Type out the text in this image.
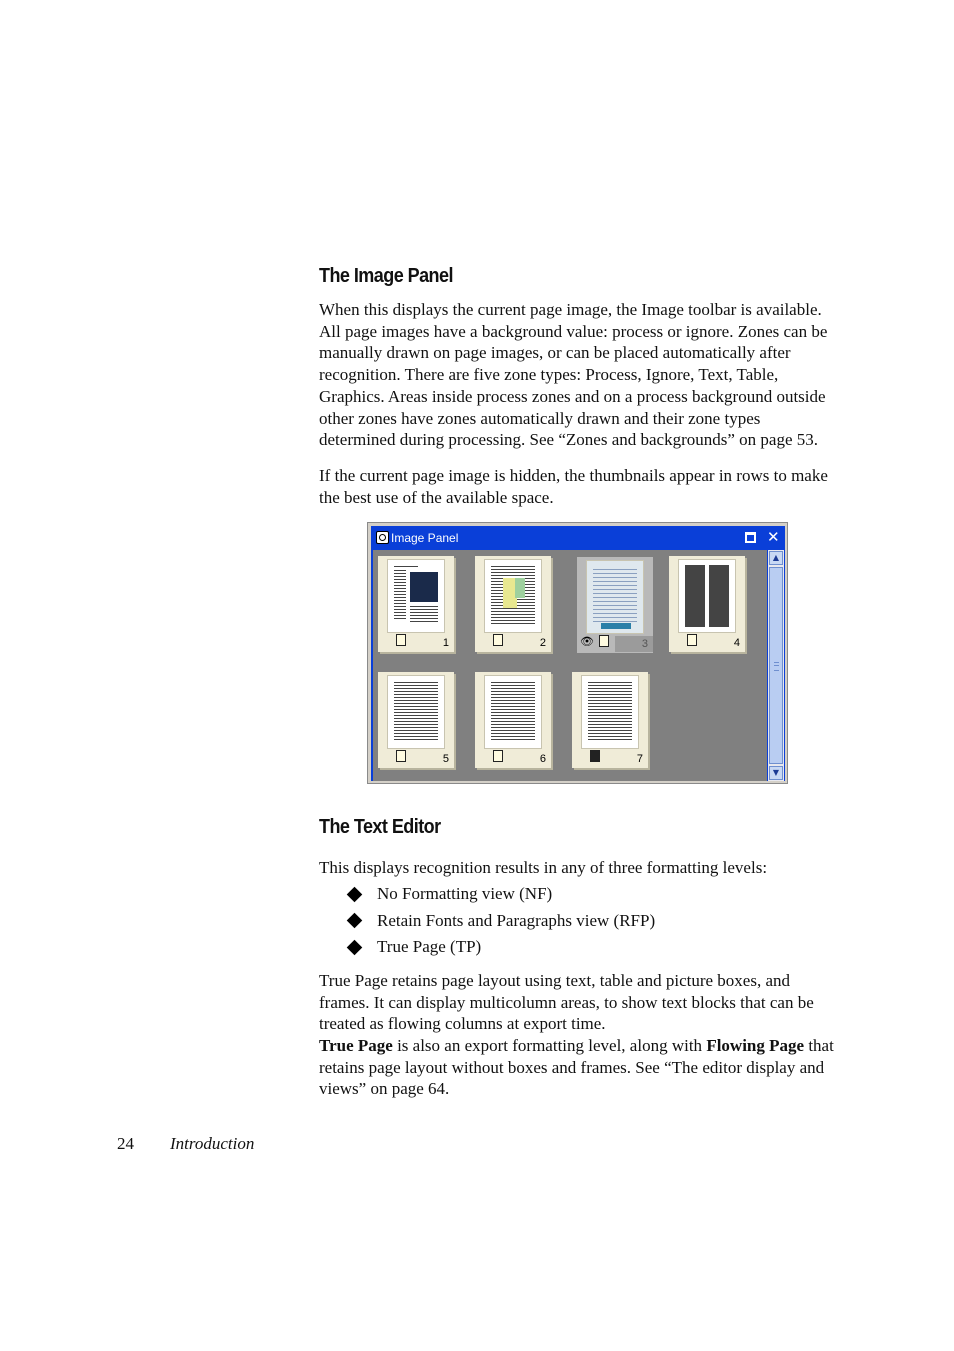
The Image Panel

When this displays the current page image, the Image toolbar is available. All page images have a background value: process or ignore. Zones can be manually drawn on page images, or can be placed automatically after recognition. There are five zone types: Process, Ignore, Text, Table, Graphics. Areas inside process zones and on a process background outside other zones have zones automatically drawn and their zone types determined during processing. See “Zones and backgrounds” on page 53.

If the current page image is hidden, the thumbnails appear in rows to make the best use of the available space.

Image Panel	✕
1	2	👁	3	4
5	6	7
▲
▼
The Text Editor

This displays recognition results in any of three formatting levels:

No Formatting view (NF)
Retain Fonts and Paragraphs view (RFP)
True Page (TP)

True Page retains page layout using text, table and picture boxes, and frames. It can display multicolumn areas, to show text blocks that can be treated as flowing columns at export time.

True Page is also an export formatting level, along with Flowing Page that retains page layout without boxes and frames. See “The editor display and views” on page 64.

24 Introduction
